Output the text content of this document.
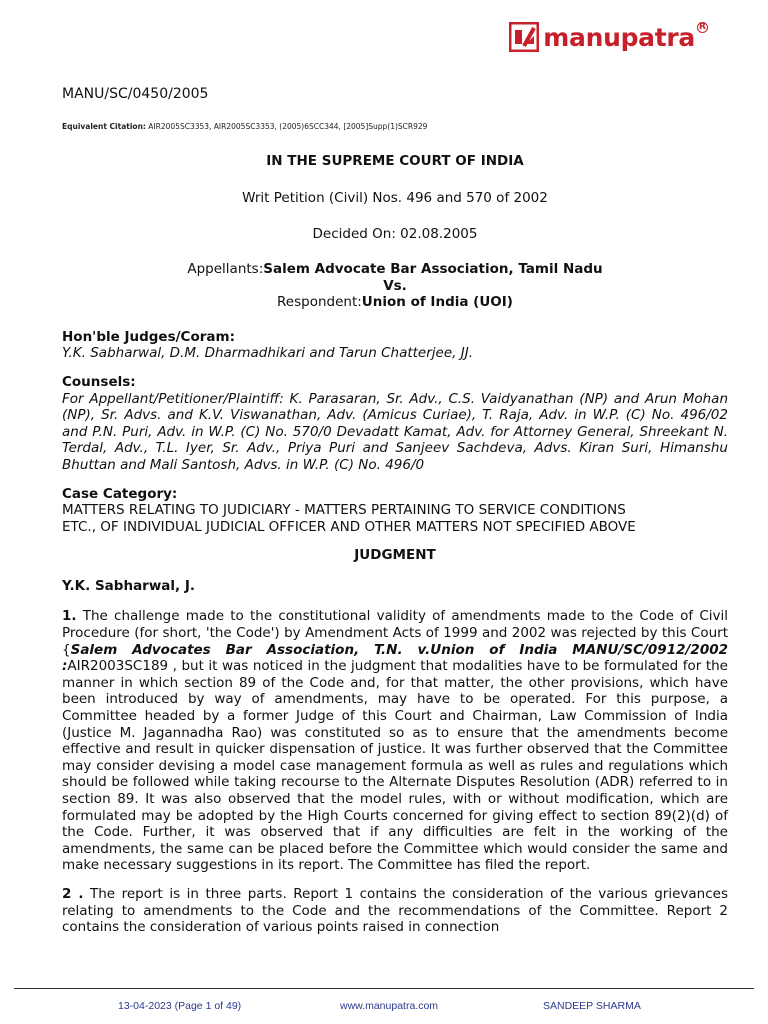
manupatra R
MANU/SC/0450/2005
Equivalent Citation: AIR2005SC3353, AIR2005SC3353, (2005)6SCC344, [2005]Supp(1)SCR929
IN THE SUPREME COURT OF INDIA
Writ Petition (Civil) Nos. 496 and 570 of 2002
Decided On: 02.08.2005
Appellants:Salem Advocate Bar Association, Tamil Nadu
Vs.
Respondent:Union of India (UOI)
Hon'ble Judges/Coram:
Y.K. Sabharwal, D.M. Dharmadhikari and Tarun Chatterjee, JJ.
Counsels:
For Appellant/Petitioner/Plaintiff: K. Parasaran, Sr. Adv., C.S. Vaidyanathan (NP) and Arun Mohan (NP), Sr. Advs. and K.V. Viswanathan, Adv. (Amicus Curiae), T. Raja, Adv. in W.P. (C) No. 496/02 and P.N. Puri, Adv. in W.P. (C) No. 570/0 Devadatt Kamat, Adv. for Attorney General, Shreekant N. Terdal, Adv., T.L. Iyer, Sr. Adv., Priya Puri and Sanjeev Sachdeva, Advs. Kiran Suri, Himanshu Bhuttan and Mali Santosh, Advs. in W.P. (C) No. 496/0
Case Category:
MATTERS RELATING TO JUDICIARY - MATTERS PERTAINING TO SERVICE CONDITIONS
ETC., OF INDIVIDUAL JUDICIAL OFFICER AND OTHER MATTERS NOT SPECIFIED ABOVE
JUDGMENT
Y.K. Sabharwal, J.
1. The challenge made to the constitutional validity of amendments made to the Code of Civil Procedure (for short, 'the Code') by Amendment Acts of 1999 and 2002 was rejected by this Court {Salem Advocates Bar Association, T.N. v.Union of India MANU/SC/0912/2002 :AIR2003SC189 , but it was noticed in the judgment that modalities have to be formulated for the manner in which section 89 of the Code and, for that matter, the other provisions, which have been introduced by way of amendments, may have to be operated. For this purpose, a Committee headed by a former Judge of this Court and Chairman, Law Commission of India (Justice M. Jagannadha Rao) was constituted so as to ensure that the amendments become effective and result in quicker dispensation of justice. It was further observed that the Committee may consider devising a model case management formula as well as rules and regulations which should be followed while taking recourse to the Alternate Disputes Resolution (ADR) referred to in section 89. It was also observed that the model rules, with or without modification, which are formulated may be adopted by the High Courts concerned for giving effect to section 89(2)(d) of the Code. Further, it was observed that if any difficulties are felt in the working of the amendments, the same can be placed before the Committee which would consider the same and make necessary suggestions in its report. The Committee has filed the report.
2 . The report is in three parts. Report 1 contains the consideration of the various grievances relating to amendments to the Code and the recommendations of the Committee. Report 2 contains the consideration of various points raised in connection
13-04-2023 (Page 1 of 49)	www.manupatra.com	SANDEEP SHARMA
